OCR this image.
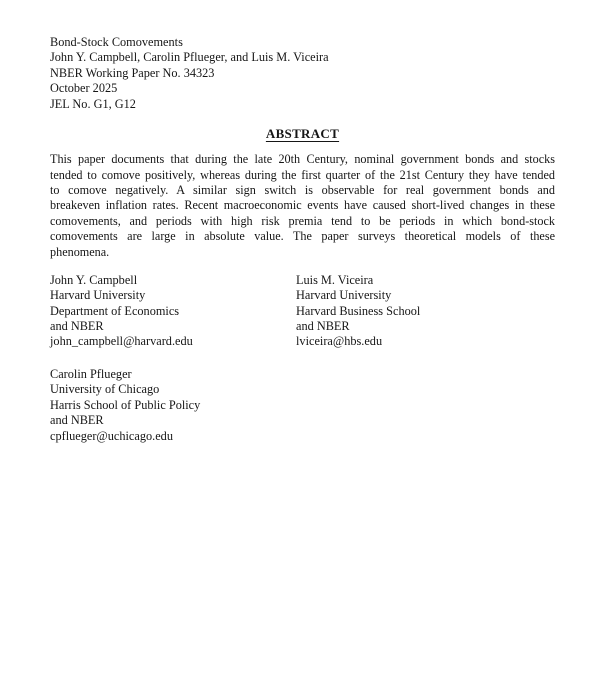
Bond-Stock Comovements
John Y. Campbell, Carolin Pflueger, and Luis M. Viceira
NBER Working Paper No. 34323
October 2025
JEL No. G1, G12
ABSTRACT
This paper documents that during the late 20th Century, nominal government bonds and stocks
tended to comove positively, whereas during the first quarter of the 21st Century they have tended
to comove negatively. A similar sign switch is observable for real government bonds and
breakeven inflation rates. Recent macroeconomic events have caused short-lived changes in these
comovements, and periods with high risk premia tend to be periods in which bond-stock
comovements are large in absolute value. The paper surveys theoretical models of these
phenomena.
John Y. Campbell
Harvard University
Department of Economics
and NBER
john_campbell@harvard.edu
Luis M. Viceira
Harvard University
Harvard Business School
and NBER
lviceira@hbs.edu
Carolin Pflueger
University of Chicago
Harris School of Public Policy
and NBER
cpflueger@uchicago.edu
